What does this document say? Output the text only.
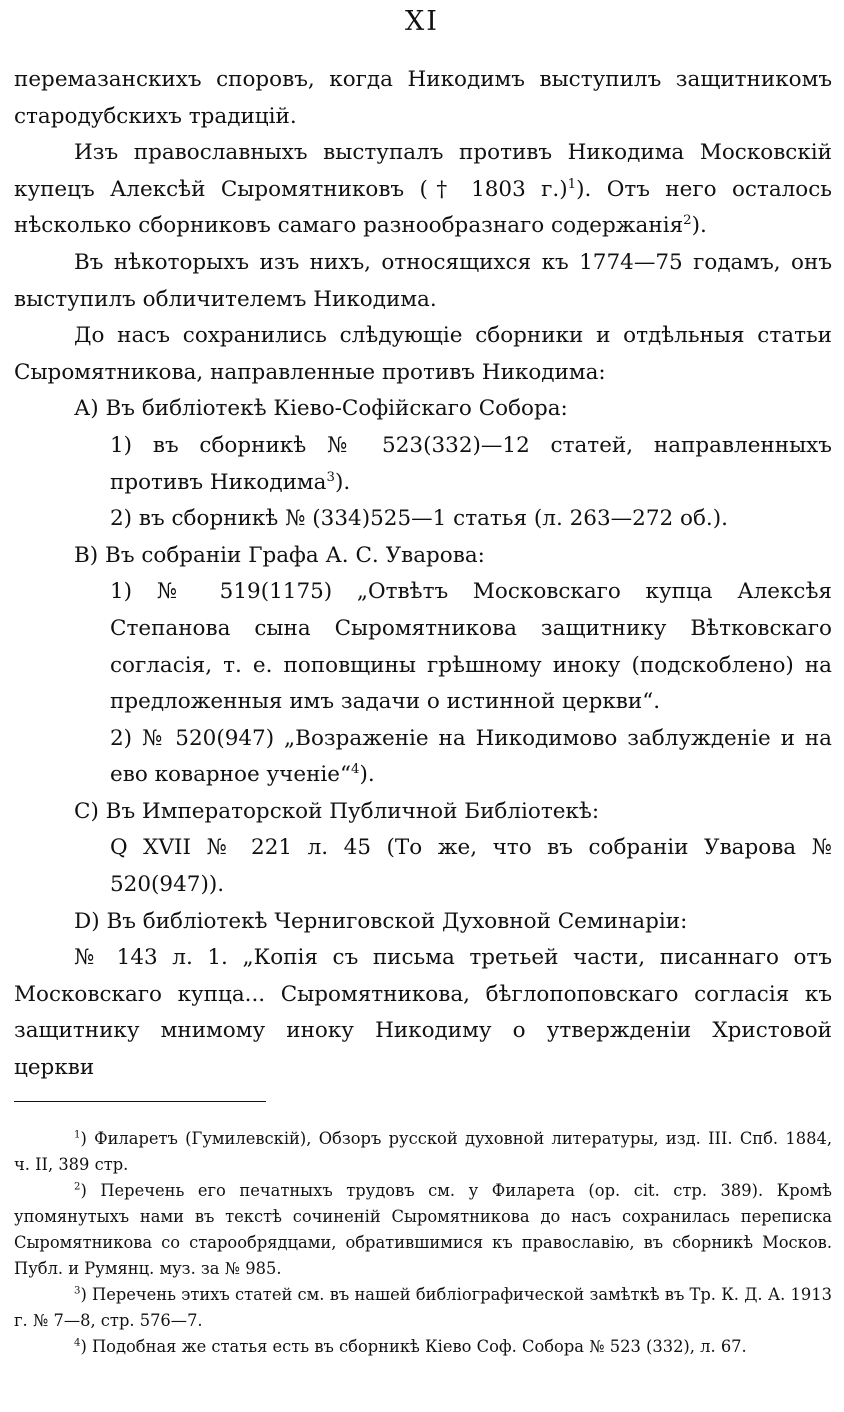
XI

перемазанскихъ споровъ, когда Никодимъ выступилъ защитникомъ стародубскихъ традицій.

Изъ православныхъ выступалъ противъ Никодима Московскій купецъ Алексѣй Сыромятниковъ († 1803 г.)$^1$). Отъ него осталось нѣсколько сборниковъ самаго разнообразнаго содержанія$^2$).

Въ нѣкоторыхъ изъ нихъ, относящихся къ 1774—75 годамъ, онъ выступилъ обличителемъ Никодима.

До насъ сохранились слѣдующіе сборники и отдѣльныя статьи Сыромятникова, направленные противъ Никодима:

А) Въ библіотекѣ Кіево-Софійскаго Собора:

1) въ сборникѣ № 523(332)—12 статей, направленныхъ противъ Никодима$^3$).

2) въ сборникѣ № (334)525—1 статья (л. 263—272 об.).

В) Въ собраніи Графа А. С. Уварова:

1) № 519(1175) „Отвѣтъ Московскаго купца Алексѣя Степанова сына Сыромятникова защитнику Вѣтковскаго согласія, т. е. поповщины грѣшному иноку (подскоблено) на предложенныя имъ задачи о истинной церкви“.

2) № 520(947) „Возраженіе на Никодимово заблужденіе и на ево коварное ученіе“$^4$).

С) Въ Императорской Публичной Библіотекѣ:

Q XVII № 221 л. 45 (То же, что въ собраніи Уварова № 520(947)).

D) Въ библіотекѣ Черниговской Духовной Семинаріи:

№ 143 л. 1. „Копія съ письма третьей части, писаннаго отъ Московскаго купца... Сыромятникова, бѣглопоповскаго согласія къ защитнику мнимому иноку Никодиму о утвержденіи Христовой церкви

$^1$) Филаретъ (Гумилевскій), Обзоръ русской духовной литературы, изд. III. Спб. 1884, ч. II, 389 стр.

$^2$) Перечень его печатныхъ трудовъ см. у Филарета (op. cit. стр. 389). Кромѣ упомянутыхъ нами въ текстѣ сочиненій Сыромятникова до насъ сохранилась переписка Сыромятникова со старообрядцами, обратившимися къ православію, въ сборникѣ Москов. Публ. и Румянц. муз. за № 985.

$^3$) Перечень этихъ статей см. въ нашей библіографической замѣткѣ въ Тр. К. Д. А. 1913 г. № 7—8, стр. 576—7.

$^4$) Подобная же статья есть въ сборникѣ Кіево Соф. Собора № 523 (332), л. 67.
